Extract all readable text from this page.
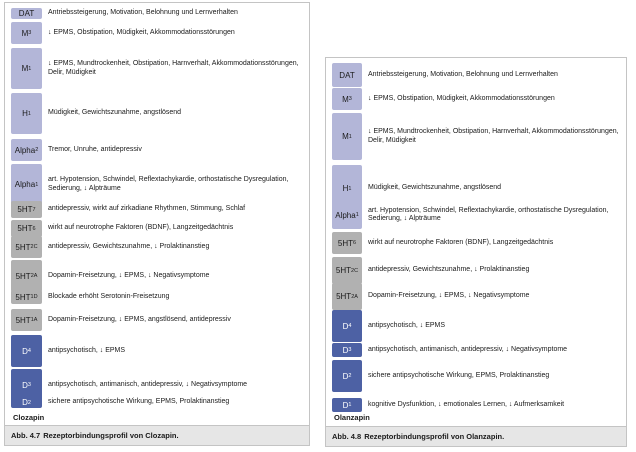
DAT Antriebssteigerung, Motivation, Belohnung und Lernverhalten
M 3 ↓ EPMS, Obstipation, Müdigkeit, Akkommodationsstörungen
M 1
↓ EPMS, Mundtrockenheit, Obstipation, Harnverhalt, Akkommodationsstörungen,
Delir, Müdigkeit
H 1 Müdigkeit, Gewichtszunahme, angstlösend
Alpha 2 Tremor, Unruhe, antidepressiv
Alpha 1
art. Hypotension, Schwindel, Reflextachykardie, orthostatische Dysregulation,
Sedierung, ↓ Alpträume
5HT 7 antidepressiv, wirkt auf zirkadiane Rhythmen, Stimmung, Schlaf
5HT 6 wirkt auf neurotrophe Faktoren (BDNF), Langzeitgedächtnis
5HT 2C antidepressiv, Gewichtszunahme, ↓ Prolaktinanstieg
5HT 2A Dopamin-Freisetzung, ↓ EPMS, ↓ Negativsymptome
5HT 1D Blockade erhöht Serotonin-Freisetzung
5HT 1A Dopamin-Freisetzung, ↓ EPMS, angstlösend, antidepressiv
D 4 antipsychotisch, ↓ EPMS
D 3 antipsychotisch, antimanisch, antidepressiv, ↓ Negativsymptome
D 2 sichere antipsychotische Wirkung, EPMS, Prolaktinanstieg
Clozapin
Abb. 4.7 Rezeptorbindungsprofil von Clozapin.
DAT Antriebssteigerung, Motivation, Belohnung und Lernverhalten
M 3 ↓ EPMS, Obstipation, Müdigkeit, Akkommodationsstörungen
M 1
↓ EPMS, Mundtrockenheit, Obstipation, Harnverhalt, Akkommodationsstörungen,
Delir, Müdigkeit
H 1 Müdigkeit, Gewichtszunahme, angstlösend
Alpha 1
art. Hypotension, Schwindel, Reflextachykardie, orthostatische Dysregulation,
Sedierung, ↓ Alpträume
5HT 6 wirkt auf neurotrophe Faktoren (BDNF), Langzeitgedächtnis
5HT 2C antidepressiv, Gewichtszunahme, ↓ Prolaktinanstieg
5HT 2A Dopamin-Freisetzung, ↓ EPMS, ↓ Negativsymptome
D 4 antipsychotisch, ↓ EPMS
D 3 antipsychotisch, antimanisch, antidepressiv, ↓ Negativsymptome
D 2 sichere antipsychotische Wirkung, EPMS, Prolaktinanstieg
D 1 kognitive Dysfunktion, ↓ emotionales Lernen, ↓ Aufmerksamkeit
Olanzapin
Abb. 4.8 Rezeptorbindungsprofil von Olanzapin.
